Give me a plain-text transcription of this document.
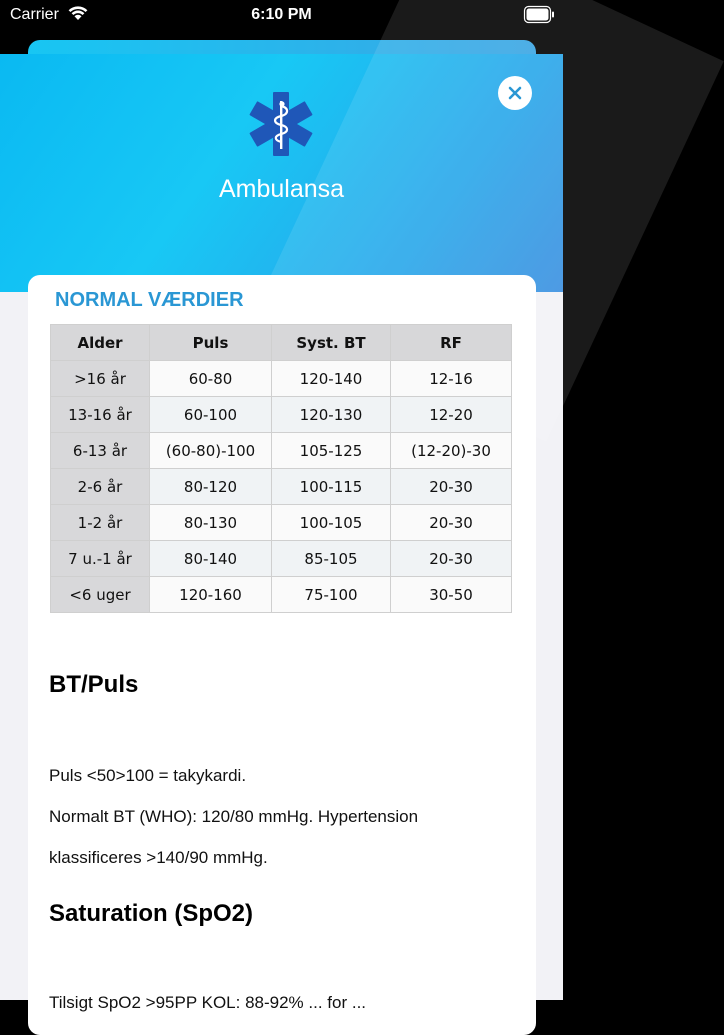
Carrier	6:10 PM
Ambulansa
NORMAL VÆRDIER
Alder	Puls	Syst. BT	RF
>16 år	60-80	120-140	12-16
13-16 år	60-100	120-130	12-20
6-13 år	(60-80)-100	105-125	(12-20)-30
2-6 år	80-120	100-115	20-30
1-2 år	80-130	100-105	20-30
7 u.-1 år	80-140	85-105	20-30
<6 uger	120-160	75-100	30-50
BT/Puls
Puls <50>100 = takykardi.
Normalt BT (WHO): 120/80 mmHg. Hypertension
klassificeres >140/90 mmHg.
Saturation (SpO2)
Tilsigt SpO2 >95PP KOL: 88-92% ... for ...
